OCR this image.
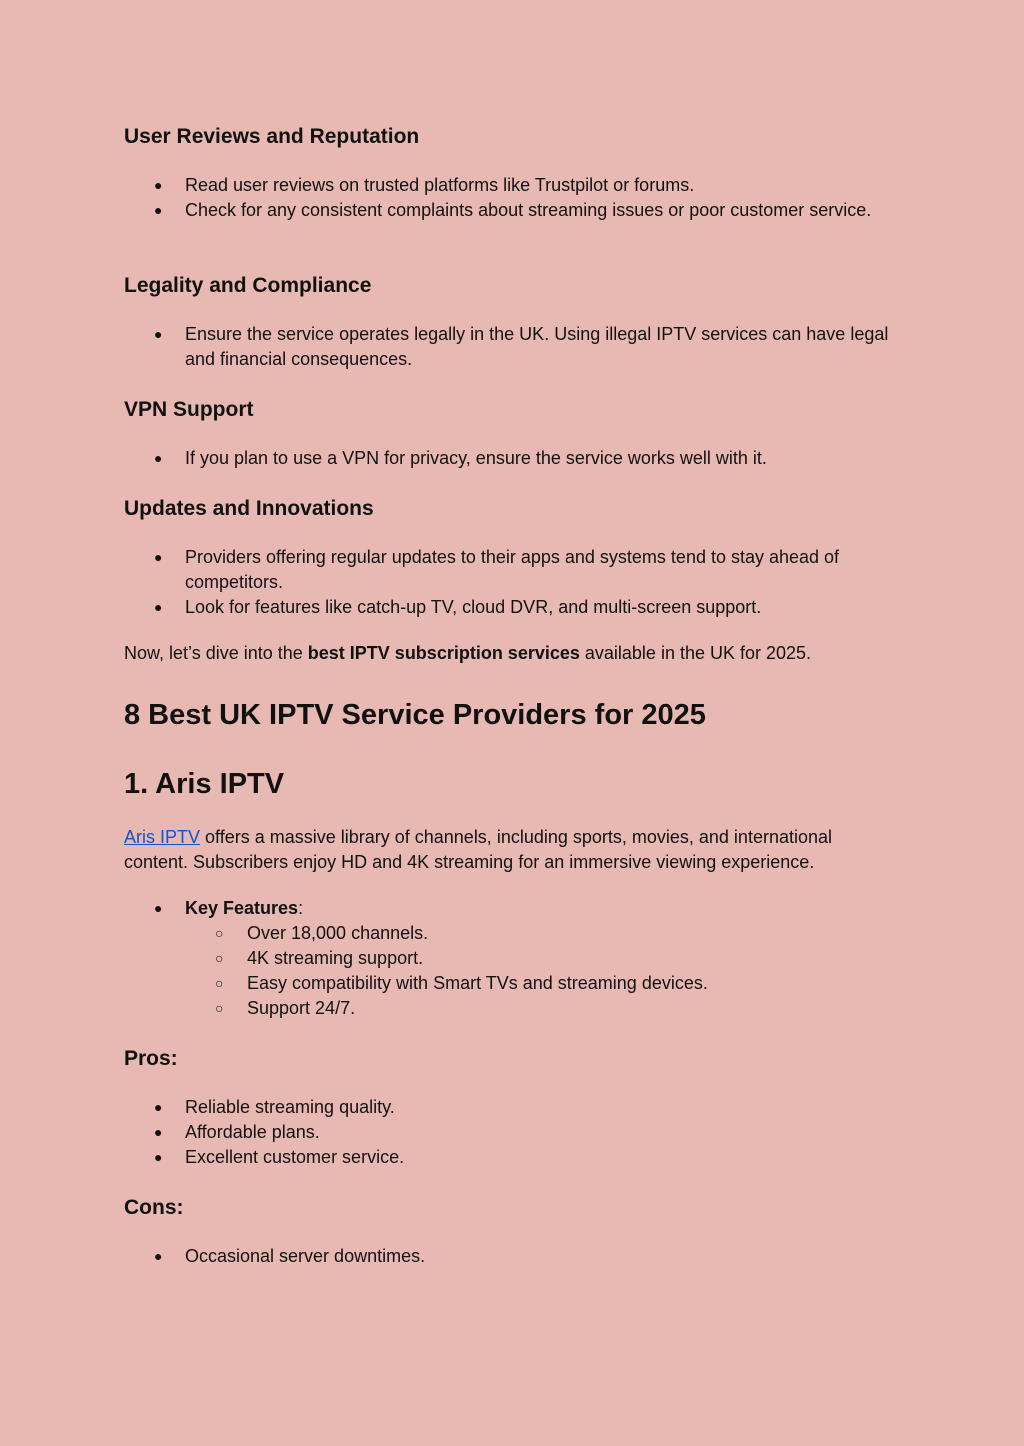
User Reviews and Reputation
● Read user reviews on trusted platforms like Trustpilot or forums.
● Check for any consistent complaints about streaming issues or poor customer service.
Legality and Compliance
● Ensure the service operates legally in the UK. Using illegal IPTV services can have legal and financial consequences.
VPN Support
● If you plan to use a VPN for privacy, ensure the service works well with it.
Updates and Innovations
● Providers offering regular updates to their apps and systems tend to stay ahead of competitors.
● Look for features like catch-up TV, cloud DVR, and multi-screen support.

Now, let’s dive into the best IPTV subscription services available in the UK for 2025.

8 Best UK IPTV Service Providers for 2025
1. Aris IPTV

Aris IPTV offers a massive library of channels, including sports, movies, and international content. Subscribers enjoy HD and 4K streaming for an immersive viewing experience.

● Key Features:
○ Over 18,000 channels.
○ 4K streaming support.
○ Easy compatibility with Smart TVs and streaming devices.
○ Support 24/7.
Pros:
● Reliable streaming quality.
● Affordable plans.
● Excellent customer service.
Cons:
● Occasional server downtimes.
